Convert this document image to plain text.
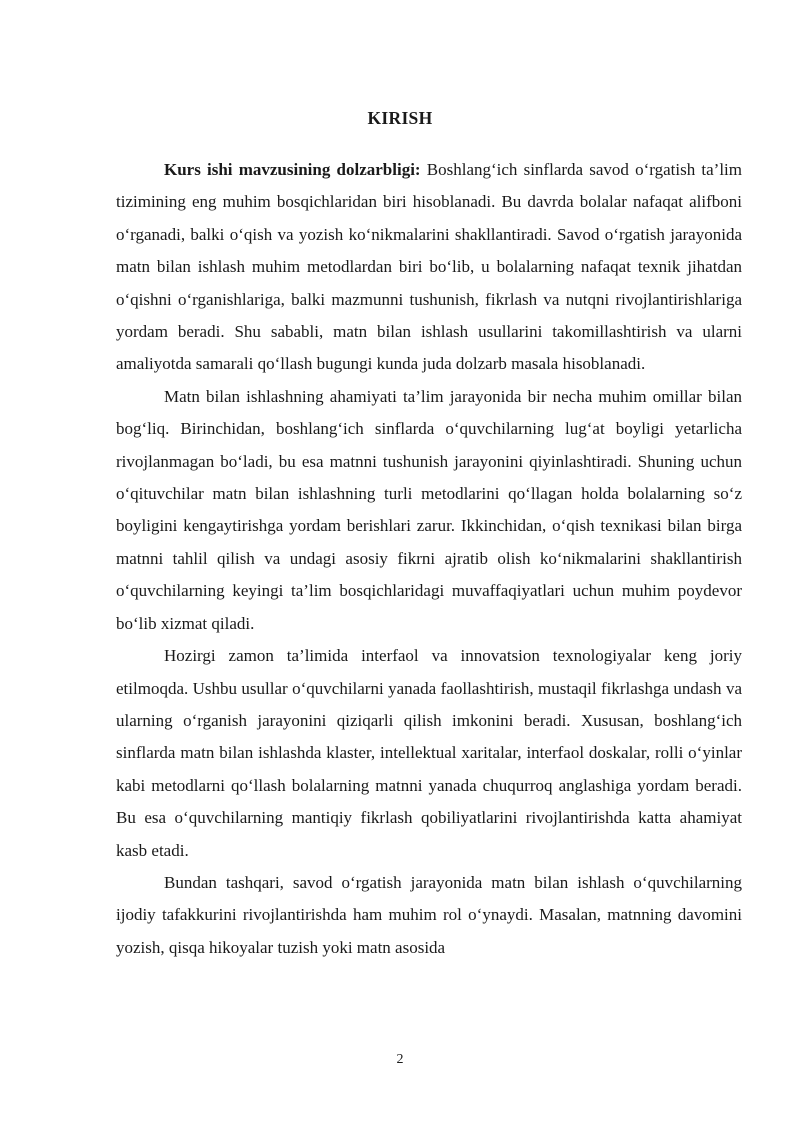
KIRISH

Kurs ishi mavzusining dolzarbligi: Boshlang‘ich sinflarda savod o‘rgatish ta’lim tizimining eng muhim bosqichlaridan biri hisoblanadi. Bu davrda bolalar nafaqat alifboni o‘rganadi, balki o‘qish va yozish ko‘nikmalarini shakllantiradi. Savod o‘rgatish jarayonida matn bilan ishlash muhim metodlardan biri bo‘lib, u bolalarning nafaqat texnik jihatdan o‘qishni o‘rganishlariga, balki mazmunni tushunish, fikrlash va nutqni rivojlantirishlariga yordam beradi. Shu sababli, matn bilan ishlash usullarini takomillashtirish va ularni amaliyotda samarali qo‘llash bugungi kunda juda dolzarb masala hisoblanadi.

Matn bilan ishlashning ahamiyati ta’lim jarayonida bir necha muhim omillar bilan bog‘liq. Birinchidan, boshlang‘ich sinflarda o‘quvchilarning lug‘at boyligi yetarlicha rivojlanmagan bo‘ladi, bu esa matnni tushunish jarayonini qiyinlashtiradi. Shuning uchun o‘qituvchilar matn bilan ishlashning turli metodlarini qo‘llagan holda bolalarning so‘z boyligini kengaytirishga yordam berishlari zarur. Ikkinchidan, o‘qish texnikasi bilan birga matnni tahlil qilish va undagi asosiy fikrni ajratib olish ko‘nikmalarini shakllantirish o‘quvchilarning keyingi ta’lim bosqichlaridagi muvaffaqiyatlari uchun muhim poydevor bo‘lib xizmat qiladi.

Hozirgi zamon ta’limida interfaol va innovatsion texnologiyalar keng joriy etilmoqda. Ushbu usullar o‘quvchilarni yanada faollashtirish, mustaqil fikrlashga undash va ularning o‘rganish jarayonini qiziqarli qilish imkonini beradi. Xususan, boshlang‘ich sinflarda matn bilan ishlashda klaster, intellektual xaritalar, interfaol doskalar, rolli o‘yinlar kabi metodlarni qo‘llash bolalarning matnni yanada chuqurroq anglashiga yordam beradi. Bu esa o‘quvchilarning mantiqiy fikrlash qobiliyatlarini rivojlantirishda katta ahamiyat kasb etadi.

Bundan tashqari, savod o‘rgatish jarayonida matn bilan ishlash o‘quvchilarning ijodiy tafakkurini rivojlantirishda ham muhim rol o‘ynaydi. Masalan, matnning davomini yozish, qisqa hikoyalar tuzish yoki matn asosida

2
